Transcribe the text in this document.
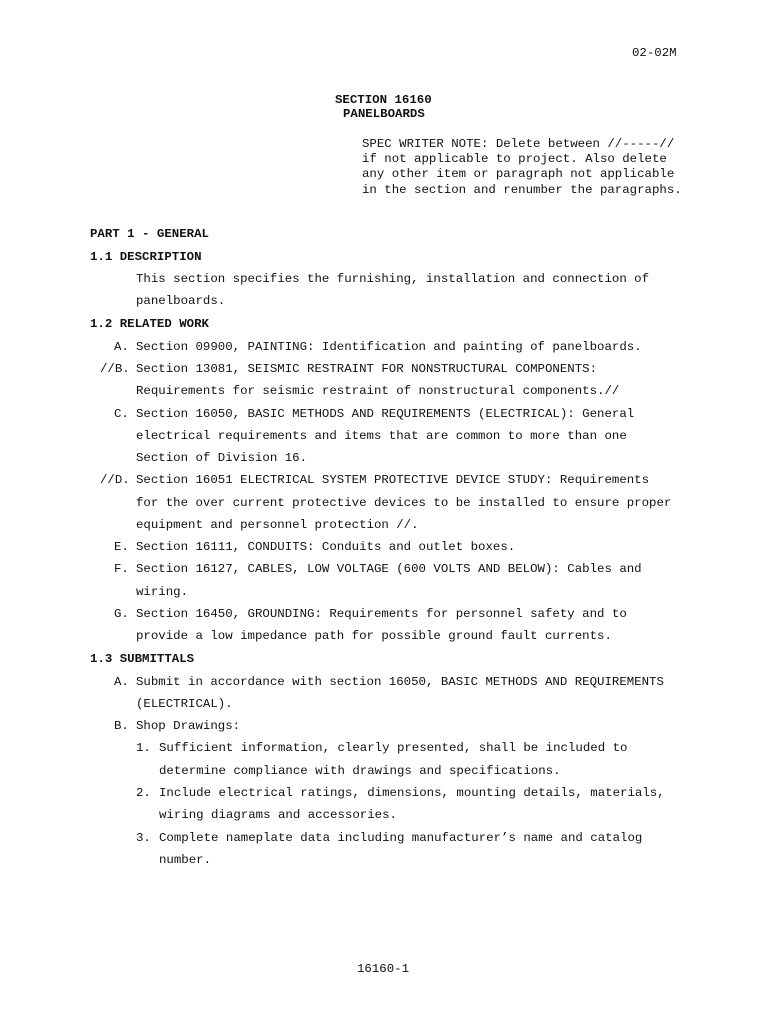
02-02M
SECTION 16160
PANELBOARDS
SPEC WRITER NOTE: Delete between //-----// if not applicable to project. Also delete any other item or paragraph not applicable in the section and renumber the paragraphs.
PART 1 - GENERAL
1.1 DESCRIPTION
This section specifies the furnishing, installation and connection of
panelboards.
1.2 RELATED WORK
A. Section 09900, PAINTING: Identification and painting of panelboards.
//B. Section 13081, SEISMIC RESTRAINT FOR NONSTRUCTURAL COMPONENTS:
Requirements for seismic restraint of nonstructural components.//
C. Section 16050, BASIC METHODS AND REQUIREMENTS (ELECTRICAL): General
electrical requirements and items that are common to more than one
Section of Division 16.
//D. Section 16051 ELECTRICAL SYSTEM PROTECTIVE DEVICE STUDY: Requirements
for the over current protective devices to be installed to ensure proper
equipment and personnel protection //.
E. Section 16111, CONDUITS: Conduits and outlet boxes.
F. Section 16127, CABLES, LOW VOLTAGE (600 VOLTS AND BELOW): Cables and
wiring.
G. Section 16450, GROUNDING: Requirements for personnel safety and to
provide a low impedance path for possible ground fault currents.
1.3 SUBMITTALS
A. Submit in accordance with section 16050, BASIC METHODS AND REQUIREMENTS
(ELECTRICAL).
B. Shop Drawings:
1. Sufficient information, clearly presented, shall be included to
determine compliance with drawings and specifications.
2. Include electrical ratings, dimensions, mounting details, materials,
wiring diagrams and accessories.
3. Complete nameplate data including manufacturer’s name and catalog
number.
16160-1
